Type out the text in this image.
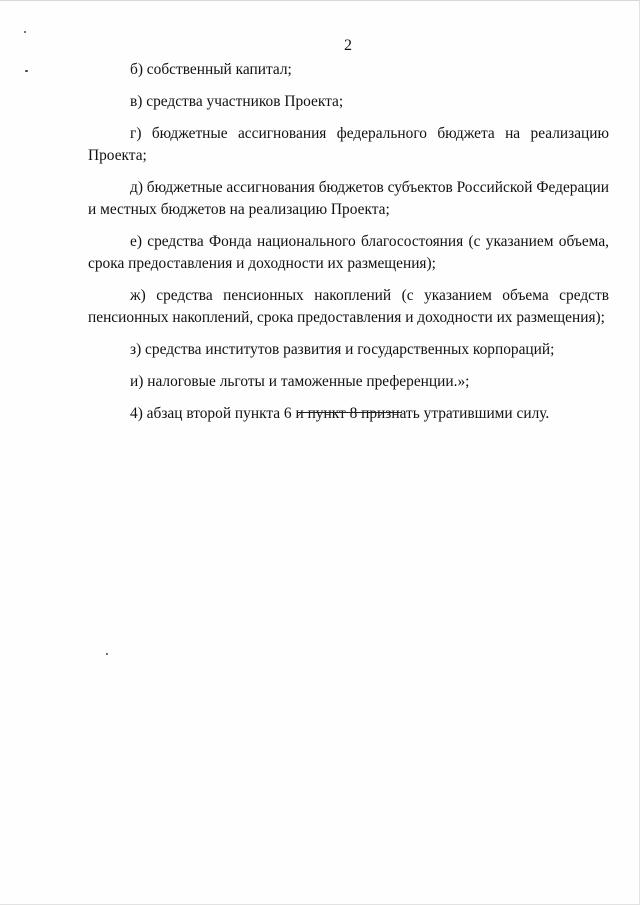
2

б) собственный капитал;

в) средства участников Проекта;

г) бюджетные ассигнования федерального бюджета на реализацию

Проекта;

д) бюджетные ассигнования бюджетов субъектов Российской Федерации

и местных бюджетов на реализацию Проекта;

е) средства Фонда национального благосостояния (с указанием объема,

срока предоставления и доходности их размещения);

ж) средства пенсионных накоплений (с указанием объема средств

пенсионных накоплений, срока предоставления и доходности их размещения);

з) средства институтов развития и государственных корпораций;

и) налоговые льготы и таможенные преференции.»;

4) абзац второй пункта 6 и пункт 8 признать утратившими силу.
